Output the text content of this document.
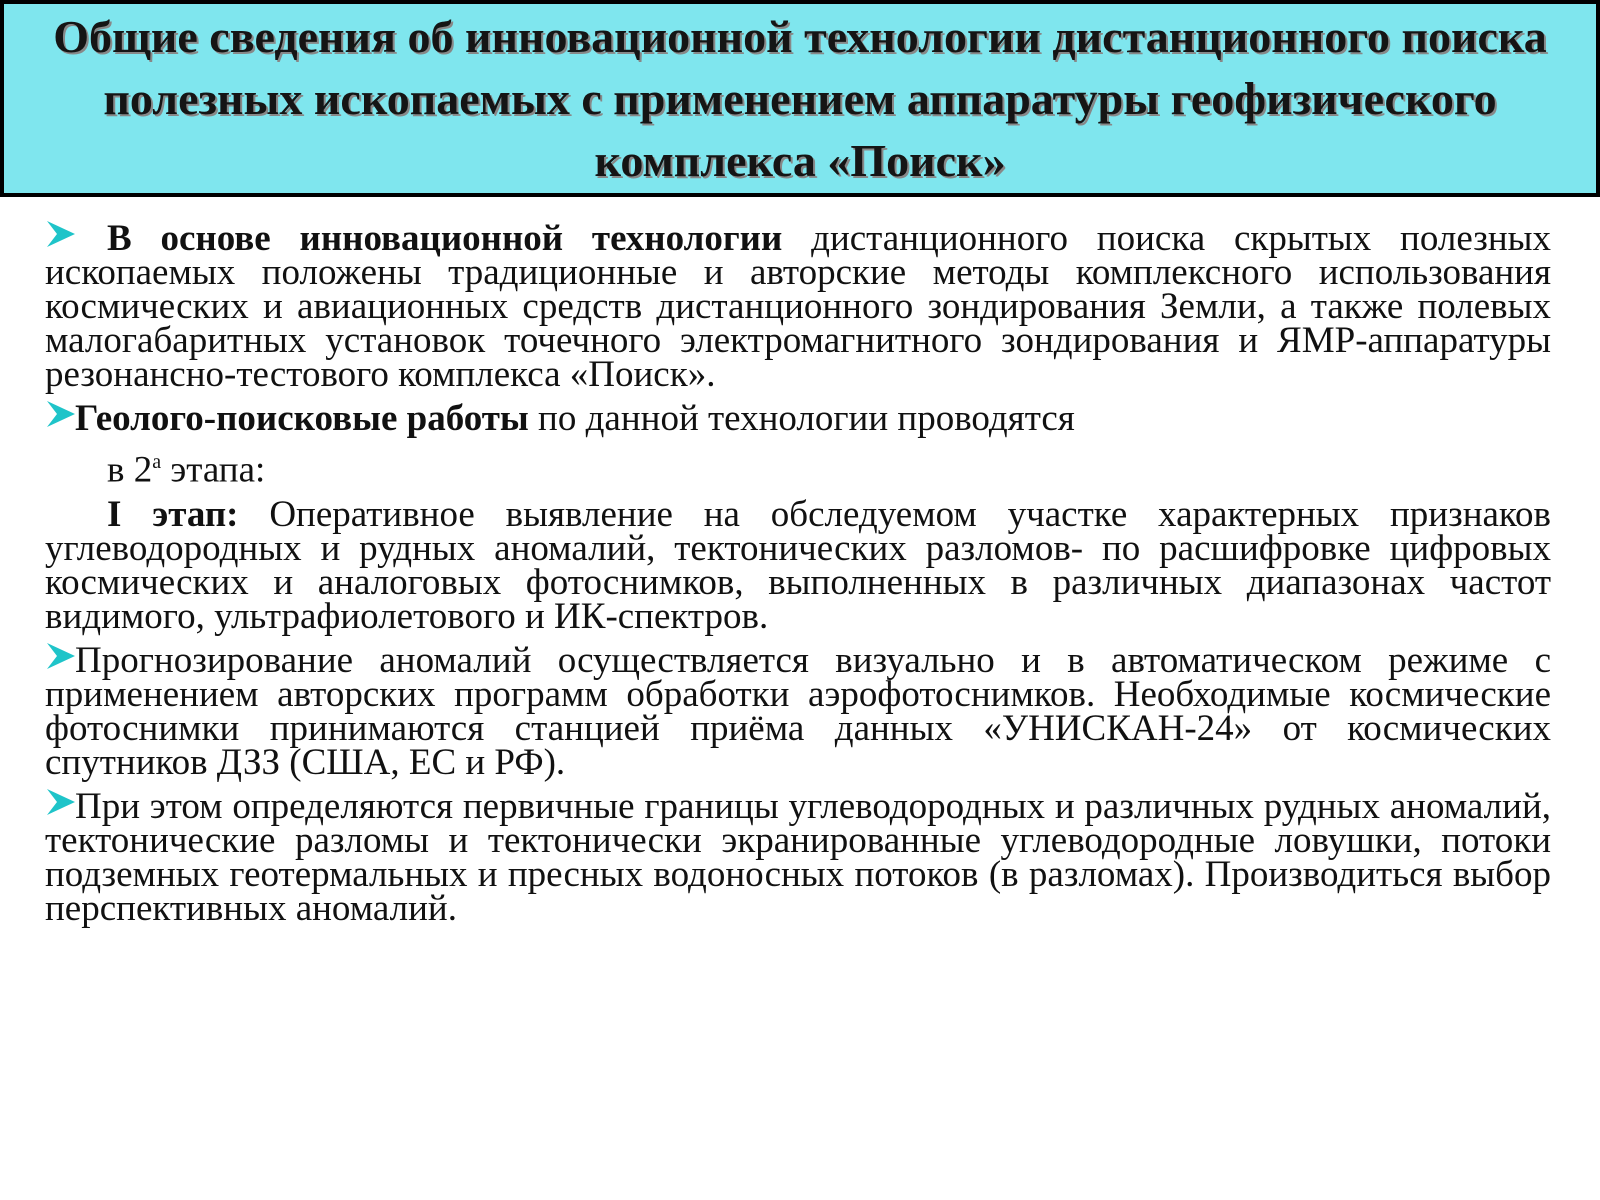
Общие сведения об инновационной технологии дистанционного поиска полезных ископаемых с применением аппаратуры геофизического комплекса «Поиск»

В основе инновационной технологии дистанционного поиска скрытых полезных ископаемых положены традиционные и авторские методы комплексного использования космических и авиационных средств дистанционного зондирования Земли, а также полевых малогабаритных установок точечного электромагнитного зондирования и ЯМР-аппаратуры резонансно-тестового комплекса «Поиск».

Геолого-поисковые работы по данной технологии проводятся

в $2^а$ этапа:

I этап: Оперативное выявление на обследуемом участке характерных признаков углеводородных и рудных аномалий, тектонических разломов- по расшифровке цифровых космических и аналоговых фотоснимков, выполненных в различных диапазонах частот видимого, ультрафиолетового и ИК-спектров.

Прогнозирование аномалий осуществляется визуально и в автоматическом режиме с применением авторских программ обработки аэрофотоснимков. Необходимые космические фотоснимки принимаются станцией приёма данных «УНИСКАН-24» от космических спутников ДЗЗ (США, ЕС и РФ).

При этом определяются первичные границы углеводородных и различных рудных аномалий, тектонические разломы и тектонически экранированные углеводородные ловушки, потоки подземных геотермальных и пресных водоносных потоков (в разломах). Производиться выбор перспективных аномалий.
